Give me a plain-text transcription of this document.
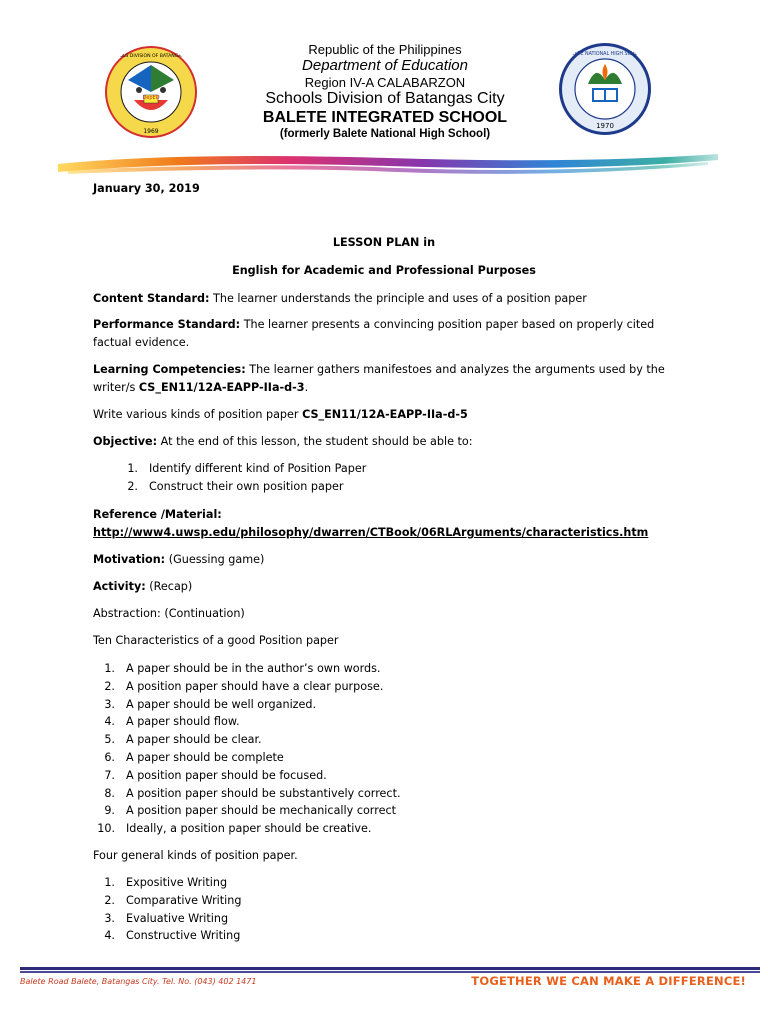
DepED
1969
SCHOOLS DIVISION OF BATANGAS CITY	Republic of the Philippines
Department of Education
Region IV-A CALABARZON
Schools Division of Batangas City
BALETE INTEGRATED SCHOOL
(formerly Balete National High School)
1970
BALETE NATIONAL HIGH SCHOOL
January 30, 2019
LESSON PLAN in
English for Academic and Professional Purposes
Content Standard: The learner understands the principle and uses of a position paper
Performance Standard: The learner presents a convincing position paper based on properly cited
factual evidence.
Learning Competencies: The learner gathers manifestoes and analyzes the arguments used by the
writer/s CS_EN11/12A-EAPP-IIa-d-3.
Write various kinds of position paper CS_EN11/12A-EAPP-IIa-d-5
Objective: At the end of this lesson, the student should be able to:
1. Identify different kind of Position Paper
2. Construct their own position paper
Reference /Material:
http://www4.uwsp.edu/philosophy/dwarren/CTBook/06RLArguments/characteristics.htm
Motivation: (Guessing game)
Activity: (Recap)
Abstraction: (Continuation)
Ten Characteristics of a good Position paper
1. A paper should be in the author’s own words.
2. A position paper should have a clear purpose.
3. A paper should be well organized.
4. A paper should flow.
5. A paper should be clear.
6. A paper should be complete
7. A position paper should be focused.
8. A position paper should be substantively correct.
9. A position paper should be mechanically correct
10. Ideally, a position paper should be creative.
Four general kinds of position paper.
1. Expositive Writing
2. Comparative Writing
3. Evaluative Writing
4. Constructive Writing
Balete Road Balete, Batangas City. Tel. No. (043) 402 1471	TOGETHER WE CAN MAKE A DIFFERENCE!
